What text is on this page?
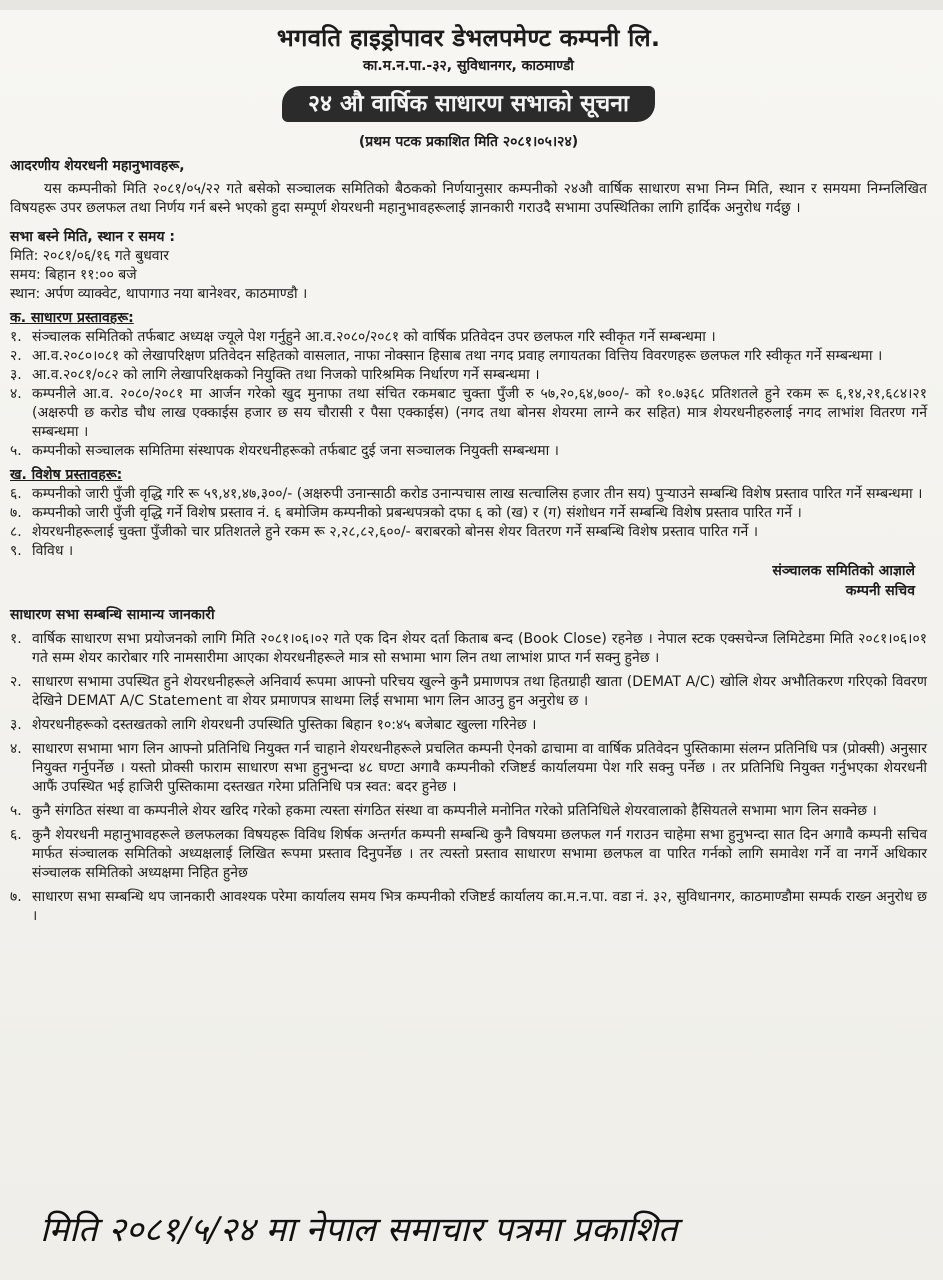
भगवति हाइड्रोपावर डेभलपमेण्ट कम्पनी लि.
का.म.न.पा.-३२, सुविधानगर, काठमाण्डौ
२४ औ वार्षिक साधारण सभाको सूचना
(प्रथम पटक प्रकाशित मिति २०८१।०५।२४)
आदरणीय शेयरधनी महानुभावहरू,
यस कम्पनीको मिति २०८१/०५/२२ गते बसेको सञ्चालक समितिको बैठकको निर्णयानुसार कम्पनीको २४औ वार्षिक साधारण सभा निम्न मिति, स्थान र समयमा निम्नलिखित विषयहरू उपर छलफल तथा निर्णय गर्न बस्ने भएको हुदा सम्पूर्ण शेयरधनी महानुभावहरूलाई ज्ञानकारी गराउदै सभामा उपस्थितिका लागि हार्दिक अनुरोध गर्दछु ।
सभा बस्ने मिति, स्थान र समय :
मिति: २०८१/०६/१६ गते बुधवार
समय: बिहान ११:०० बजे
स्थान: अर्पण व्याक्वेट, थापागाउ नया बानेश्वर, काठमाण्डौ ।
क. साधारण प्रस्तावहरू:
१. संञ्चालक समितिको तर्फबाट अध्यक्ष ज्यूले पेश गर्नुहुने आ.व.२०८०/२०८१ को वार्षिक प्रतिवेदन उपर छलफल गरि स्वीकृत गर्ने सम्बन्धमा ।
२. आ.व.२०८०।०८१ को लेखापरिक्षण प्रतिवेदन सहितको वासलात, नाफा नोक्सान हिसाब तथा नगद प्रवाह लगायतका वित्तिय विवरणहरू छलफल गरि स्वीकृत गर्ने सम्बन्धमा ।
३. आ.व.२०८१/०८२ को लागि लेखापरिक्षकको नियुक्ति तथा निजको पारिश्रमिक निर्धारण गर्ने सम्बन्धमा ।
४. कम्पनीले आ.व. २०८०/२०८१ मा आर्जन गरेको खुद मुनाफा तथा संचित रकमबाट चुक्ता पुँजी रु ५७,२०,६४,७००/- को १०.७३६८ प्रतिशतले हुने रकम रू ६,१४,२१,६८४।२१ (अक्षरुपी छ करोड चौध लाख एक्काईस हजार छ सय चौरासी र पैसा एक्काईस) (नगद तथा बोनस शेयरमा लाग्ने कर सहित) मात्र शेयरधनीहरुलाई नगद लाभांश वितरण गर्ने सम्बन्धमा ।
५. कम्पनीको सञ्चालक समितिमा संस्थापक शेयरधनीहरूको तर्फबाट दुई जना सञ्चालक नियुक्ती सम्बन्धमा ।
ख. विशेष प्रस्तावहरू:
६. कम्पनीको जारी पुँजी वृद्धि गरि रू ५९,४१,४७,३००/- (अक्षरुपी उनान्साठी करोड उनान्पचास लाख सत्चालिस हजार तीन सय) पुऱ्याउने सम्बन्धि विशेष प्रस्ताव पारित गर्ने सम्बन्धमा ।
७. कम्पनीको जारी पुँजी वृद्धि गर्ने विशेष प्रस्ताव नं. ६ बमोजिम कम्पनीको प्रबन्धपत्रको दफा ६ को (ख) र (ग) संशोधन गर्ने सम्बन्धि विशेष प्रस्ताव पारित गर्ने ।
८. शेयरधनीहरूलाई चुक्ता पुँजीको चार प्रतिशतले हुने रकम रू २,२८,८२,६००/- बराबरको बोनस शेयर वितरण गर्ने सम्बन्धि विशेष प्रस्ताव पारित गर्ने ।
९. विविध ।
संञ्चालक समितिको आज्ञाले
कम्पनी सचिव
साधारण सभा सम्बन्धि सामान्य जानकारी
१. वार्षिक साधारण सभा प्रयोजनको लागि मिति २०८१।०६।०२ गते एक दिन शेयर दर्ता किताब बन्द (Book Close) रहनेछ । नेपाल स्टक एक्सचेन्ज लिमिटेडमा मिति २०८१।०६।०१ गते सम्म शेयर कारोबार गरि नामसारीमा आएका शेयरधनीहरूले मात्र सो सभामा भाग लिन तथा लाभांश प्राप्त गर्न सक्नु हुनेछ ।
२. साधारण सभामा उपस्थित हुने शेयरधनीहरूले अनिवार्य रूपमा आफ्नो परिचय खुल्ने कुनै प्रमाणपत्र तथा हितग्राही खाता (DEMAT A/C) खोलि शेयर अभौतिकरण गरिएको विवरण देखिने DEMAT A/C Statement वा शेयर प्रमाणपत्र साथमा लिई सभामा भाग लिन आउनु हुन अनुरोध छ ।
३. शेयरधनीहरूको दस्तखतको लागि शेयरधनी उपस्थिति पुस्तिका बिहान १०:४५ बजेबाट खुल्ला गरिनेछ ।
४. साधारण सभामा भाग लिन आफ्नो प्रतिनिधि नियुक्त गर्न चाहाने शेयरधनीहरूले प्रचलित कम्पनी ऐनको ढाचामा वा वार्षिक प्रतिवेदन पुस्तिकामा संलग्न प्रतिनिधि पत्र (प्रोक्सी) अनुसार नियुक्त गर्नुपर्नेछ । यस्तो प्रोक्सी फाराम साधारण सभा हुनुभन्दा ४८ घण्टा अगावै कम्पनीको रजिष्टर्ड कार्यालयमा पेश गरि सक्नु पर्नेछ । तर प्रतिनिधि नियुक्त गर्नुभएका शेयरधनी आफैं उपस्थित भई हाजिरी पुस्तिकामा दस्तखत गरेमा प्रतिनिधि पत्र स्वत: बदर हुनेछ ।
५. कुनै संगठित संस्था वा कम्पनीले शेयर खरिद गरेको हकमा त्यस्ता संगठित संस्था वा कम्पनीले मनोनित गरेको प्रतिनिधिले शेयरवालाको हैसियतले सभामा भाग लिन सक्नेछ ।
६. कुनै शेयरधनी महानुभावहरूले छलफलका विषयहरू विविध शिर्षक अन्तर्गत कम्पनी सम्बन्धि कुनै विषयमा छलफल गर्न गराउन चाहेमा सभा हुनुभन्दा सात दिन अगावै कम्पनी सचिव मार्फत संञ्चालक समितिको अध्यक्षलाई लिखित रूपमा प्रस्ताव दिनुपर्नेछ । तर त्यस्तो प्रस्ताव साधारण सभामा छलफल वा पारित गर्नको लागि समावेश गर्ने वा नगर्ने अधिकार संञ्चालक समितिको अध्यक्षमा निहित हुनेछ
७. साधारण सभा सम्बन्धि थप जानकारी आवश्यक परेमा कार्यालय समय भित्र कम्पनीको रजिष्टर्ड कार्यालय का.म.न.पा. वडा नं. ३२, सुविधानगर, काठमाण्डौमा सम्पर्क राख्न अनुरोध छ ।
मिति २०८१/५/२४ मा नेपाल समाचार पत्रमा प्रकाशित
